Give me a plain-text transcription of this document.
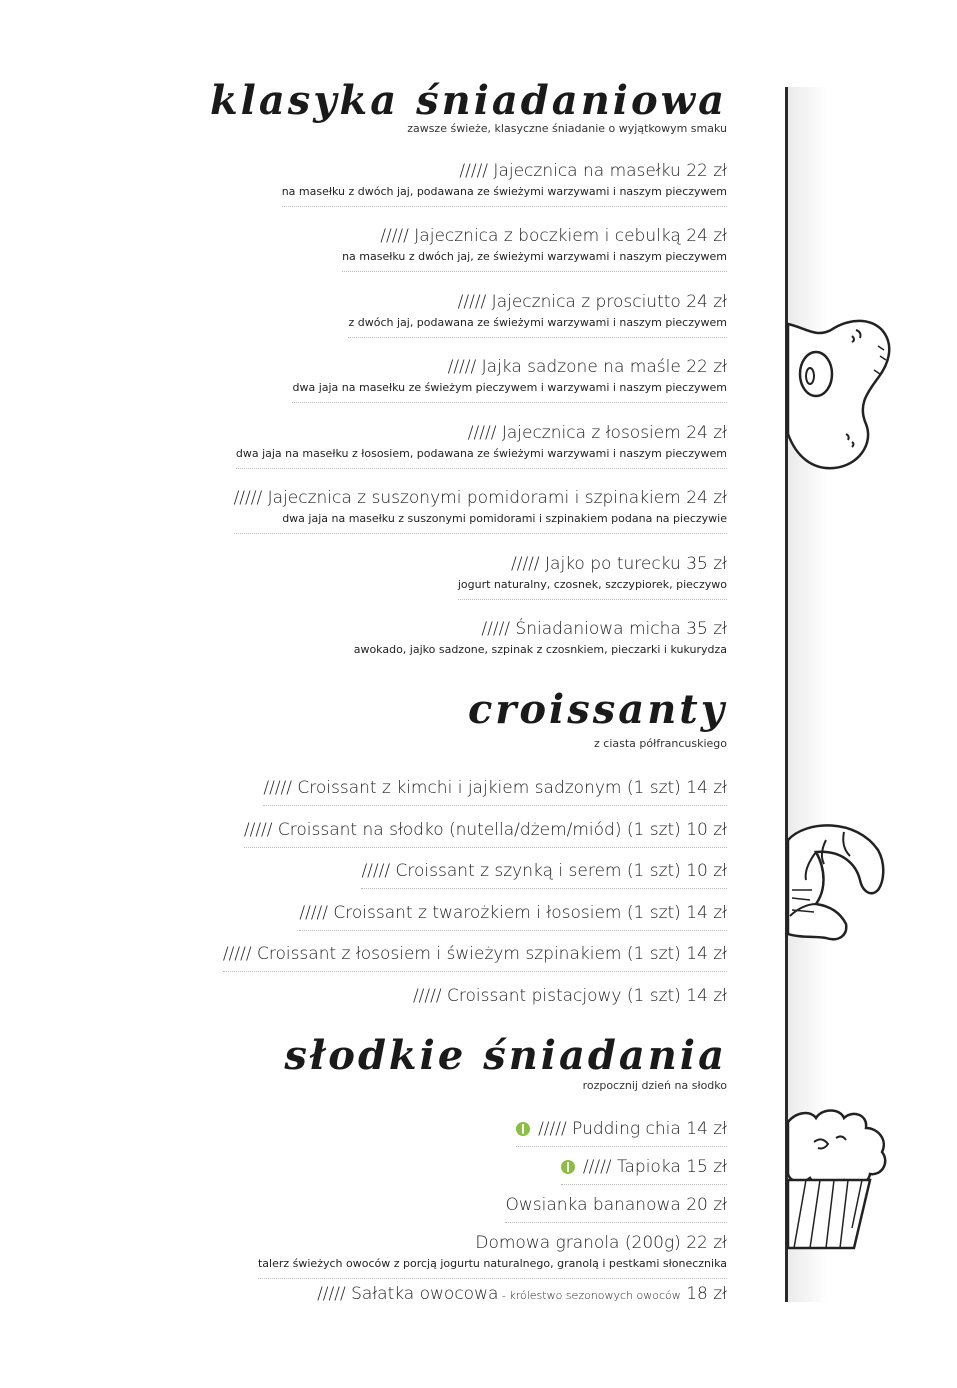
klasyka śniadaniowa
zawsze świeże, klasyczne śniadanie o wyjątkowym smaku
///// Jajecznica na masełku 22 zł
na masełku z dwóch jaj, podawana ze świeżymi warzywami i naszym pieczywem
///// Jajecznica z boczkiem i cebulką 24 zł
na masełku z dwóch jaj, ze świeżymi warzywami i naszym pieczywem
///// Jajecznica z prosciutto 24 zł
z dwóch jaj, podawana ze świeżymi warzywami i naszym pieczywem
///// Jajka sadzone na maśle 22 zł
dwa jaja na masełku ze świeżym pieczywem i warzywami i naszym pieczywem
///// Jajecznica z łososiem 24 zł
dwa jaja na masełku z łososiem, podawana ze świeżymi warzywami i naszym pieczywem
///// Jajecznica z suszonymi pomidorami i szpinakiem 24 zł
dwa jaja na masełku z suszonymi pomidorami i szpinakiem podana na pieczywie
///// Jajko po turecku 35 zł
jogurt naturalny, czosnek, szczypiorek, pieczywo
///// Śniadaniowa micha 35 zł
awokado, jajko sadzone, szpinak z czosnkiem, pieczarki i kukurydza
croissanty
z ciasta półfrancuskiego
///// Croissant z kimchi i jajkiem sadzonym (1 szt) 14 zł
///// Croissant na słodko (nutella/dżem/miód) (1 szt) 10 zł
///// Croissant z szynką i serem (1 szt) 10 zł
///// Croissant z twarożkiem i łososiem (1 szt) 14 zł
///// Croissant z łososiem i świeżym szpinakiem (1 szt) 14 zł
///// Croissant pistacjowy (1 szt) 14 zł
słodkie śniadania
rozpocznij dzień na słodko
///// Pudding chia 14 zł
///// Tapioka 15 zł
Owsianka bananowa 20 zł
Domowa granola (200g) 22 zł
talerz świeżych owoców z porcją jogurtu naturalnego, granolą i pestkami słonecznika
///// Sałatka owocowa - królestwo sezonowych owoców 18 zł
